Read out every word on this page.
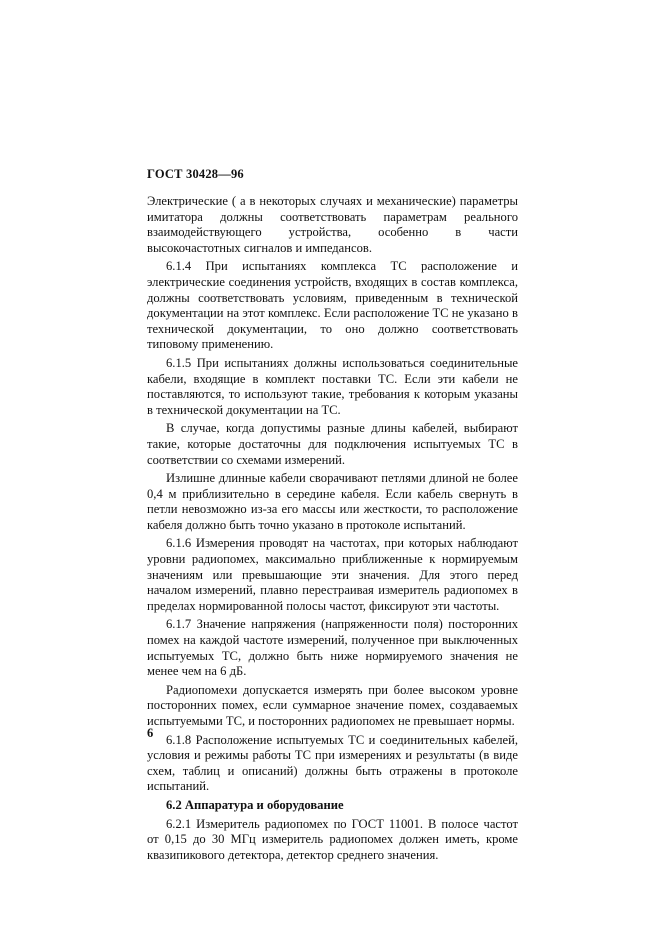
ГОСТ 30428—96

Электрические ( а в некоторых случаях и механические) параметры имитатора должны соответствовать параметрам реального взаимодействующего устройства, особенно в части высокочастотных сигналов и импедансов.

6.1.4 При испытаниях комплекса ТС расположение и электрические соединения устройств, входящих в состав комплекса, должны соответствовать условиям, приведенным в технической документации на этот комплекс. Если расположение ТС не указано в технической документации, то оно должно соответствовать типовому применению.

6.1.5 При испытаниях должны использоваться соединительные кабели, входящие в комплект поставки ТС. Если эти кабели не поставляются, то используют такие, требования к которым указаны в технической документации на ТС.

В случае, когда допустимы разные длины кабелей, выбирают такие, которые достаточны для подключения испытуемых ТС в соответствии со схемами измерений.

Излишне длинные кабели сворачивают петлями длиной не более 0,4 м приблизительно в середине кабеля. Если кабель свернуть в петли невозможно из-за его массы или жесткости, то расположение кабеля должно быть точно указано в протоколе испытаний.

6.1.6 Измерения проводят на частотах, при которых наблюдают уровни радиопомех, максимально приближенные к нормируемым значениям или превышающие эти значения. Для этого перед началом измерений, плавно перестраивая измеритель радиопомех в пределах нормированной полосы частот, фиксируют эти частоты.

6.1.7 Значение напряжения (напряженности поля) посторонних помех на каждой частоте измерений, полученное при выключенных испытуемых ТС, должно быть ниже нормируемого значения не менее чем на 6 дБ.

Радиопомехи допускается измерять при более высоком уровне посторонних помех, если суммарное значение помех, создаваемых испытуемыми ТС, и посторонних радиопомех не превышает нормы.

6.1.8 Расположение испытуемых ТС и соединительных кабелей, условия и режимы работы ТС при измерениях и результаты (в виде схем, таблиц и описаний) должны быть отражены в протоколе испытаний.

6.2 Аппаратура и оборудование

6.2.1 Измеритель радиопомех по ГОСТ 11001. В полосе частот от 0,15 до 30 МГц измеритель радиопомех должен иметь, кроме квазипикового детектора, детектор среднего значения.

6
